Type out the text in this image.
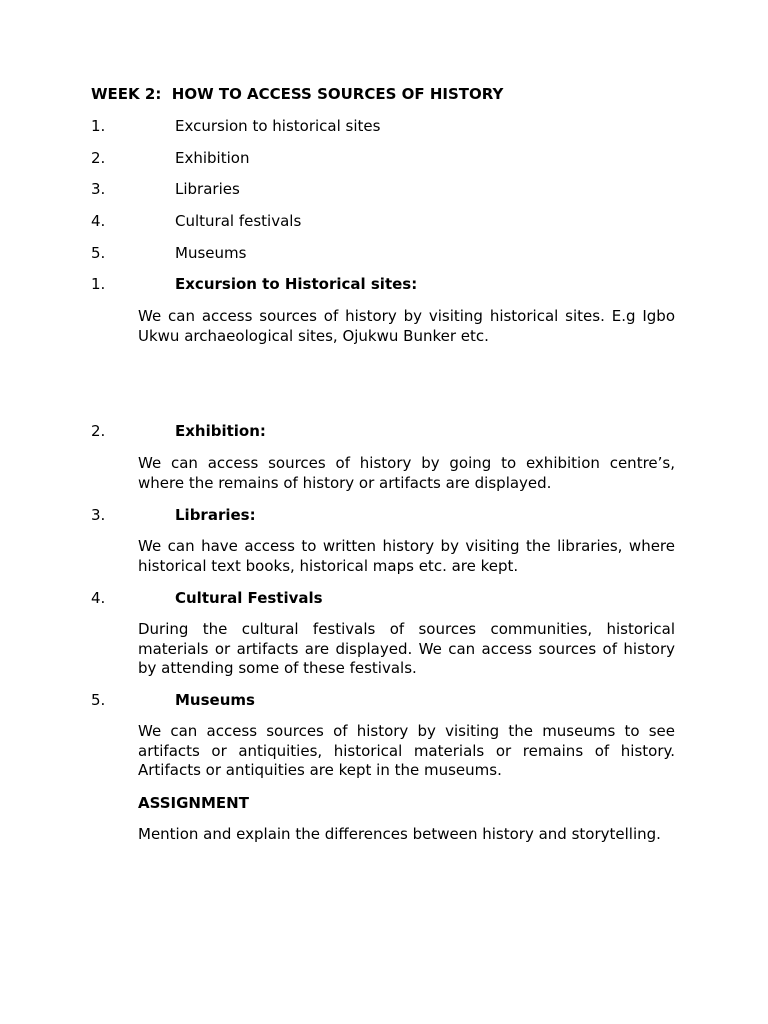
WEEK 2:  HOW TO ACCESS SOURCES OF HISTORY
1.	Excursion to historical sites
2.	Exhibition
3.	Libraries
4.	Cultural festivals
5.	Museums
1.	Excursion to Historical sites:
We can access sources of history by visiting historical sites. E.g Igbo Ukwu archaeological sites, Ojukwu Bunker etc.
2.	Exhibition:
We can access sources of history by going to exhibition centre’s, where the remains of history or artifacts are displayed.
3.	Libraries:
We can have access to written history by visiting the libraries, where historical text books, historical maps etc. are kept.
4.	Cultural Festivals
During the cultural festivals of sources communities, historical materials or artifacts are displayed. We can access sources of history by attending some of these festivals.
5.	Museums
We can access sources of history by visiting the museums to see artifacts or antiquities, historical materials or remains of history. Artifacts or antiquities are kept in the museums.
ASSIGNMENT
Mention and explain the differences between history and storytelling.
